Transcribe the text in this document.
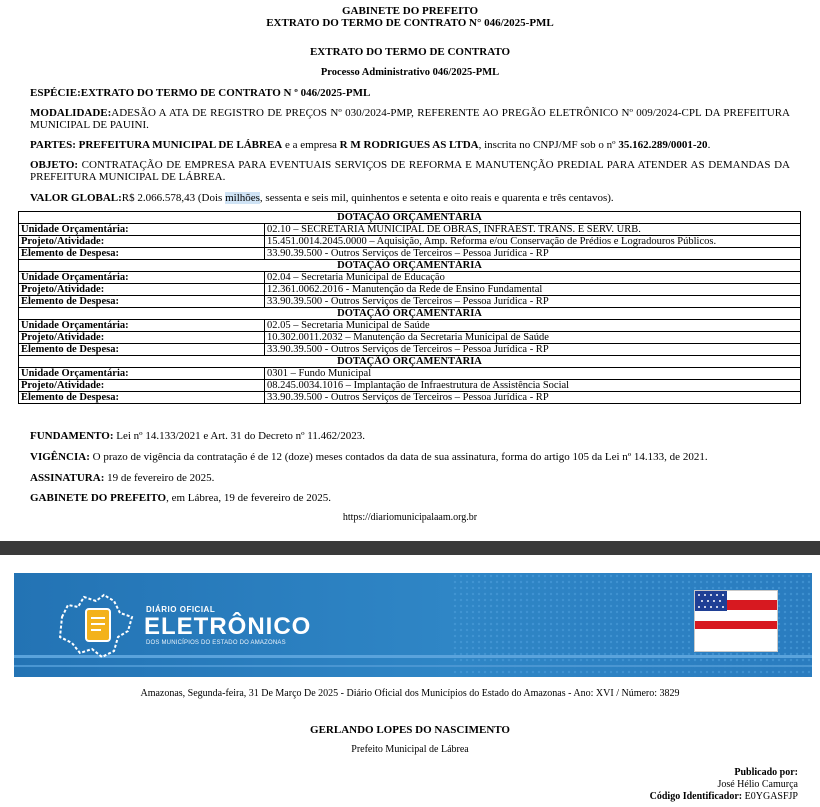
GABINETE DO PREFEITO
EXTRATO DO TERMO DE CONTRATO N° 046/2025-PML
EXTRATO DO TERMO DE CONTRATO
Processo Administrativo 046/2025-PML
ESPÉCIE:EXTRATO DO TERMO DE CONTRATO N º 046/2025-PML
MODALIDADE:ADESÃO A ATA DE REGISTRO DE PREÇOS Nº 030/2024-PMP, REFERENTE AO PREGÃO ELETRÔNICO Nº 009/2024-CPL DA PREFEITURA MUNICIPAL DE PAUINI.
PARTES: PREFEITURA MUNICIPAL DE LÁBREA e a empresa R M RODRIGUES AS LTDA, inscrita no CNPJ/MF sob o nº 35.162.289/0001-20.
OBJETO: CONTRATAÇÃO DE EMPRESA PARA EVENTUAIS SERVIÇOS DE REFORMA E MANUTENÇÃO PREDIAL PARA ATENDER AS DEMANDAS DA PREFEITURA MUNICIPAL DE LÁBREA.
VALOR GLOBAL:R$ 2.066.578,43 (Dois milhões, sessenta e seis mil, quinhentos e setenta e oito reais e quarenta e três centavos).
DOTAÇÃO ORÇAMENTÁRIA	
Unidade Orçamentária:	02.10 – SECRETARIA MUNICIPAL DE OBRAS, INFRAEST. TRANS. E SERV. URB.
Projeto/Atividade:	15.451.0014.2045.0000 – Aquisição, Amp. Reforma e/ou Conservação de Prédios e Logradouros Públicos.
Elemento de Despesa:	33.90.39.500 - Outros Serviços de Terceiros – Pessoa Jurídica - RP
DOTAÇÃO ORÇAMENTÁRIA	
Unidade Orçamentária:	02.04 – Secretaria Municipal de Educação
Projeto/Atividade:	12.361.0062.2016 - Manutenção da Rede de Ensino Fundamental
Elemento de Despesa:	33.90.39.500 - Outros Serviços de Terceiros – Pessoa Jurídica - RP
DOTAÇÃO ORÇAMENTÁRIA	
Unidade Orçamentária:	02.05 – Secretaria Municipal de Saúde
Projeto/Atividade:	10.302.0011.2032 – Manutenção da Secretaria Municipal de Saúde
Elemento de Despesa:	33.90.39.500 - Outros Serviços de Terceiros – Pessoa Jurídica - RP
DOTAÇÃO ORÇAMENTÁRIA	
Unidade Orçamentária:	0301 – Fundo Municipal
Projeto/Atividade:	08.245.0034.1016 – Implantação de Infraestrutura de Assistência Social
Elemento de Despesa:	33.90.39.500 - Outros Serviços de Terceiros – Pessoa Jurídica - RP
FUNDAMENTO: Lei nº 14.133/2021 e Art. 31 do Decreto nº 11.462/2023.
VIGÊNCIA: O prazo de vigência da contratação é de 12 (doze) meses contados da data de sua assinatura, forma do artigo 105 da Lei nº 14.133, de 2021.
ASSINATURA: 19 de fevereiro de 2025.
GABINETE DO PREFEITO, em Lábrea, 19 de fevereiro de 2025.
https://diariomunicipalaam.org.br
DIÁRIO OFICIAL
ELETRÔNICO
DOS MUNICÍPIOS DO ESTADO DO AMAZONAS
Amazonas, Segunda-feira, 31 De Março De 2025 - Diário Oficial dos Municípios do Estado do Amazonas - Ano: XVI / Número: 3829
GERLANDO LOPES DO NASCIMENTO
Prefeito Municipal de Lábrea
Publicado por:
José Hélio Camurça
Código Identificador: E0YGASFJP
